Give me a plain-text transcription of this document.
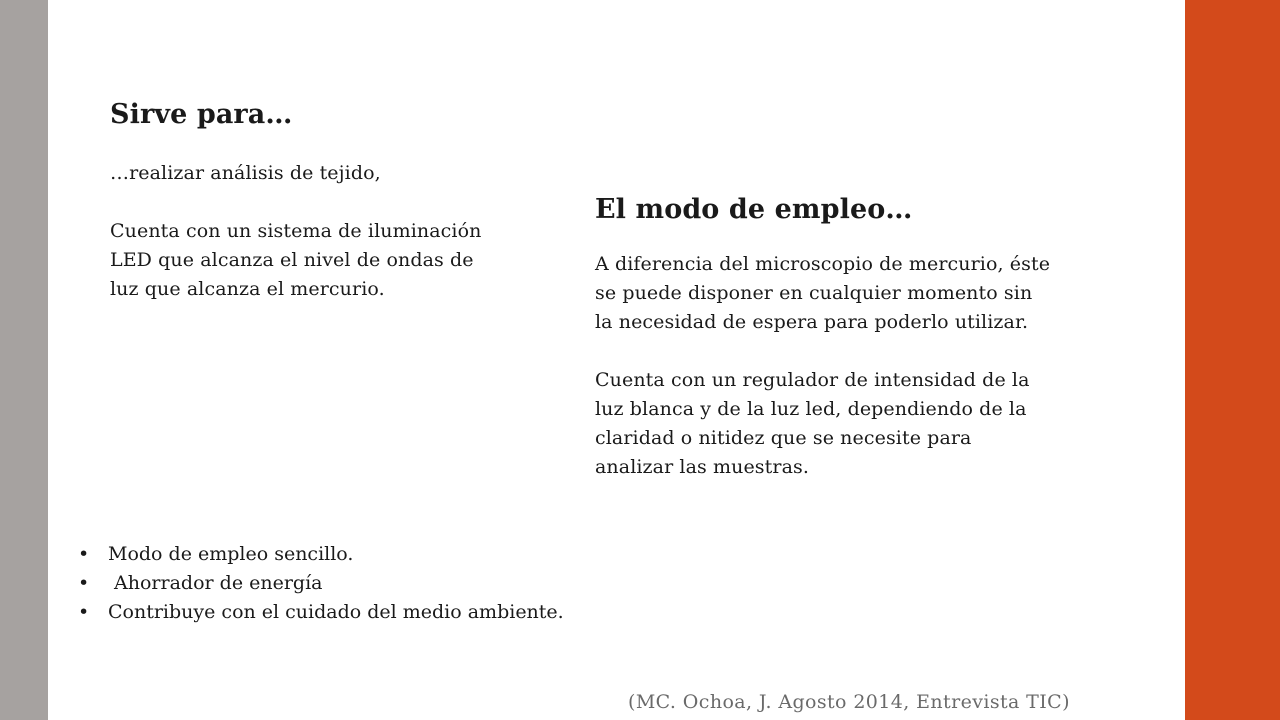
Sirve para…

…realizar análisis de tejido,

Cuenta con un sistema de iluminación
LED que alcanza el nivel de ondas de
luz que alcanza el mercurio.

El modo de empleo…

A diferencia del microscopio de mercurio, éste
se puede disponer en cualquier momento sin
la necesidad de espera para poderlo utilizar.

Cuenta con un regulador de intensidad de la
luz blanca y de la luz led, dependiendo de la
claridad o nitidez que se necesite para
analizar las muestras.

• Modo de empleo sencillo.
• Ahorrador de energía
• Contribuye con el cuidado del medio ambiente.
(MC. Ochoa, J. Agosto 2014, Entrevista TIC)
